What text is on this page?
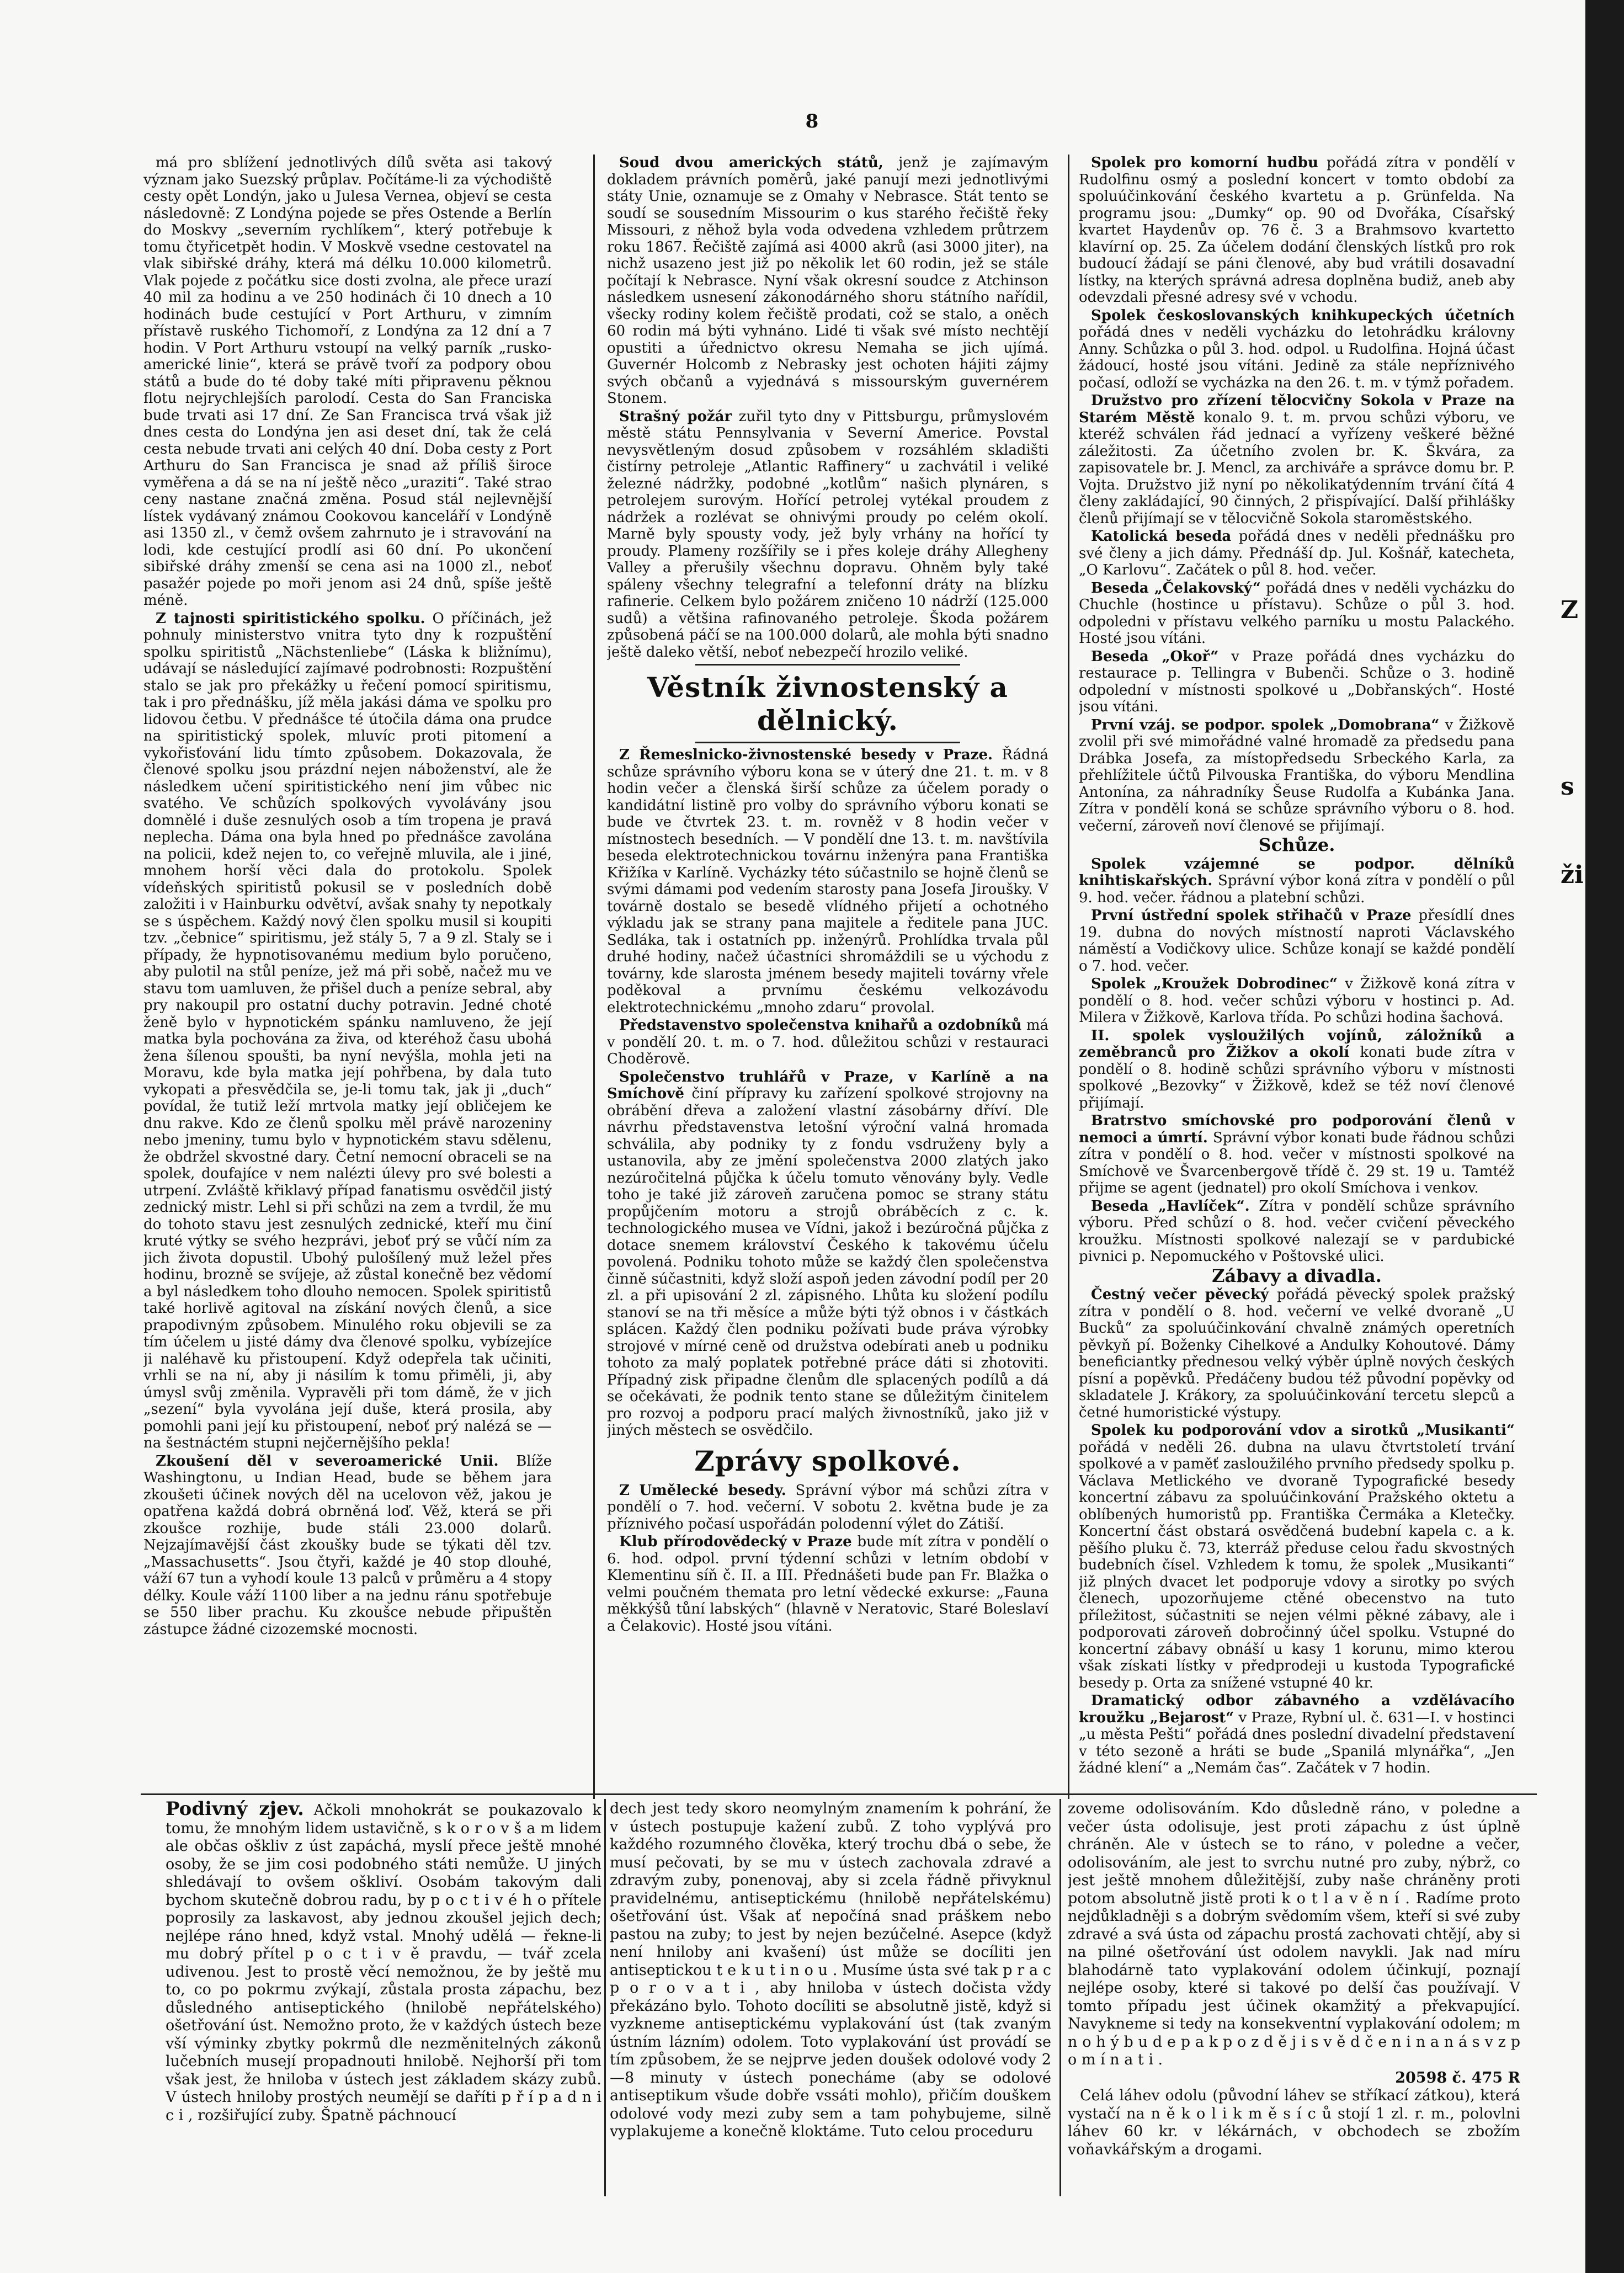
Z
s
ži
8

má pro sblížení jednotlivých dílů světa asi takový význam jako Suezský průplav. Počítáme-li za východiště cesty opět Londýn, jako u Julesa Vernea, objeví se cesta následovně: Z Londýna pojede se přes Ostende a Berlín do Moskvy „severním rychlíkem“, který potřebuje k tomu čtyřicetpět hodin. V Moskvě vsedne cestovatel na vlak sibiřské dráhy, která má délku 10.000 kilometrů. Vlak pojede z počátku sice dosti zvolna, ale přece urazí 40 mil za hodinu a ve 250 hodinách či 10 dnech a 10 hodinách bude cestující v Port Arthuru, v zimním přístavě ruského Tichomoří, z Londýna za 12 dní a 7 hodin. V Port Arthuru vstoupí na velký parník „rusko-americké linie“, která se právě tvoří za podpory obou států a bude do té doby také míti připravenu pěknou flotu nejrychlejších parolodí. Cesta do San Franciska bude trvati asi 17 dní. Ze San Francisca trvá však již dnes cesta do Londýna jen asi deset dní, tak že celá cesta nebude trvati ani celých 40 dní. Doba cesty z Port Arthuru do San Francisca je snad až příliš široce vyměřena a dá se na ní ještě něco „uraziti“. Také strao ceny nastane značná změna. Posud stál nejlevnější lístek vydávaný známou Cookovou kanceláří v Londýně asi 1350 zl., v čemž ovšem zahrnuto je i stravování na lodi, kde cestující prodlí asi 60 dní. Po ukončení sibiřské dráhy zmenší se cena asi na 1000 zl., neboť pasažér pojede po moři jenom asi 24 dnů, spíše ještě méně.

Z tajnosti spiritistického spolku. O příčinách, jež pohnuly ministerstvo vnitra tyto dny k rozpuštění spolku spiritistů „Nächstenliebe“ (Láska k bližnímu), udávají se následující zajímavé podrobnosti: Rozpuštění stalo se jak pro překážky u řečení pomocí spiritismu, tak i pro přednášku, jíž měla jakási dáma ve spolku pro lidovou četbu. V přednášce té útočila dáma ona prudce na spiritistický spolek, mluvíc proti pitomení a vykořisťování lidu tímto způsobem. Dokazovala, že členové spolku jsou prázdní nejen náboženství, ale že následkem učení spiritistického není jim vůbec nic svatého. Ve schůzích spolkových vyvolávány jsou domnělé i duše zesnulých osob a tím tropena je pravá neplecha. Dáma ona byla hned po přednášce zavolána na policii, kdež nejen to, co veřejně mluvila, ale i jiné, mnohem horší věci dala do protokolu. Spolek vídeňských spiritistů pokusil se v posledních době založiti i v Hainburku odvětví, avšak snahy ty nepotkaly se s úspěchem. Každý nový člen spolku musil si koupiti tzv. „čebnice“ spiritismu, jež stály 5, 7 a 9 zl. Staly se i případy, že hypnotisovanému medium bylo poručeno, aby pulotil na stůl peníze, jež má při sobě, načež mu ve stavu tom uamluven, že přišel duch a peníze sebral, aby pry nakoupil pro ostatní duchy potravin. Jedné choté ženě bylo v hypnotickém spánku namluveno, že její matka byla pochována za živa, od kteréhož času ubohá žena šílenou spoušti, ba nyní nevýšla, mohla jeti na Moravu, kde byla matka její pohřbena, by dala tuto vykopati a přesvědčila se, je-li tomu tak, jak ji „duch“ povídal, že tutiž leží mrtvola matky její obličejem ke dnu rakve. Kdo ze členů spolku měl právě narozeniny nebo jmeniny, tumu bylo v hypnotickém stavu sdělenu, že obdržel skvostné dary. Četní nemocní obraceli se na spolek, doufajíce v nem nalézti úlevy pro své bolesti a utrpení. Zvláště křiklavý případ fanatismu osvědčil jistý zednický mistr. Lehl si při schůzi na zem a tvrdil, že mu do tohoto stavu jest zesnulých zednické, kteří mu činí kruté výtky se svého hezprávi, jeboť prý se vůčí ním za jich života dopustil. Ubohý pulošílený muž ležel přes hodinu, brozně se svíjeje, až zůstal konečně bez vědomí a byl následkem toho dlouho nemocen. Spolek spiritistů také horlivě agitoval na získání nových členů, a sice prapodivným způsobem. Minulého roku objevili se za tím účelem u jisté dámy dva členové spolku, vybízejíce ji naléhavě ku přistoupení. Když odepřela tak učiniti, vrhli se na ní, aby ji násilím k tomu přiměli, ji, aby úmysl svůj změnila. Vypravěli při tom dámě, že v jich „sezení“ byla vyvolána její duše, která prosila, aby pomohli pani její ku přistoupení, neboť prý nalézá se — na šestnáctém stupni nejčernějšího pekla!

Zkoušení děl v severoamerické Unii. Blíže Washingtonu, u Indian Head, bude se během jara zkoušeti účinek nových děl na ucelovon věž, jakou je opatřena každá dobrá obrněná loď. Věž, která se při zkoušce rozhije, bude stáli 23.000 dolarů. Nejzajímavější část zkoušky bude se týkati děl tzv. „Massachusetts“. Jsou čtyři, každé je 40 stop dlouhé, váží 67 tun a vyhodí koule 13 palců v průměru a 4 stopy délky. Koule váží 1100 liber a na jednu ránu spotřebuje se 550 liber prachu. Ku zkoušce nebude připuštěn zástupce žádné cizozemské mocnosti.

Soud dvou amerických států, jenž je zajímavým dokladem právních poměrů, jaké panují mezi jednotlivými státy Unie, oznamuje se z Omahy v Nebrasce. Stát tento se soudí se sousedním Missourim o kus starého řečiště řeky Missouri, z něhož byla voda odvedena vzhledem průtrzem roku 1867. Řečiště zajímá asi 4000 akrů (asi 3000 jiter), na nichž usazeno jest již po několik let 60 rodin, jež se stále počítají k Nebrasce. Nyní však okresní soudce z Atchinson následkem usnesení zákonodárného shoru státního nařídil, všecky rodiny kolem řečiště prodati, což se stalo, a oněch 60 rodin má býti vyhnáno. Lidé ti však své místo nechtějí opustiti a úřednictvo okresu Nemaha se jich ujímá. Guvernér Holcomb z Nebrasky jest ochoten hájiti zájmy svých občanů a vyjednává s missourským guvernérem Stonem.

Strašný požár zuřil tyto dny v Pittsburgu, průmyslovém městě státu Pennsylvania v Severní Americe. Povstal nevysvětleným dosud způsobem v rozsáhlém skladišti čistírny petroleje „Atlantic Raffinery“ u zachvátil i veliké železné nádržky, podobné „kotlům“ našich plynáren, s petrolejem surovým. Hořící petrolej vytékal proudem z nádržek a rozlévat se ohnivými proudy po celém okolí. Marně byly spousty vody, jež byly vrhány na hořící ty proudy. Plameny rozšířily se i přes koleje dráhy Allegheny Valley a přerušily všechnu dopravu. Ohněm byly také spáleny všechny telegrafní a telefonní dráty na blízku rafinerie. Celkem bylo požárem zničeno 10 nádrží (125.000 sudů) a většina rafinovaného petroleje. Škoda požárem způsobená páčí se na 100.000 dolarů, ale mohla býti snadno ještě daleko větší, neboť nebezpečí hrozilo veliké.

Věstník živnostenský a dělnický.

Z Řemeslnicko-živnostenské besedy v Praze. Řádná schůze správního výboru kona se v úterý dne 21. t. m. v 8 hodin večer a členská širší schůze za účelem porady o kandidátní listině pro volby do správního výboru konati se bude ve čtvrtek 23. t. m. rovněž v 8 hodin večer v místnostech besedních. — V pondělí dne 13. t. m. navštívila beseda elektrotechnickou továrnu inženýra pana Františka Křižíka v Karlíně. Vycházky této súčastnilo se hojně členů se svými dámami pod vedením starosty pana Josefa Jiroušky. V továrně dostalo se besedě vlídného přijetí a ochotného výkladu jak se strany pana majitele a ředitele pana JUC. Sedláka, tak i ostatních pp. inženýrů. Prohlídka trvala půl druhé hodiny, načež účastníci shromáždili se u východu z továrny, kde slarosta jménem besedy majiteli továrny vřele poděkoval a prvnímu českému velkozávodu elektrotechnickému „mnoho zdaru“ provolal.

Představenstvo společenstva knihařů a ozdobníků má v pondělí 20. t. m. o 7. hod. důležitou schůzi v restauraci Choděrově.

Společenstvo truhlářů v Praze, v Karlíně a na Smíchově činí přípravy ku zařízení spolkové strojovny na obrábění dřeva a založení vlastní zásobárny dříví. Dle návrhu představenstva letošní výroční valná hromada schválila, aby podniky ty z fondu vsdruženy byly a ustanovila, aby ze jmění společenstva 2000 zlatých jako nezúročitelná půjčka k účelu tomuto věnovány byly. Vedle toho je také již zároveň zaručena pomoc se strany státu propůjčením motoru a strojů obráběcích z c. k. technologického musea ve Vídni, jakož i bezúročná půjčka z dotace snemem království Českého k takovému účelu povolená. Podniku tohoto může se každý člen společenstva činně súčastniti, když složí aspoň jeden závodní podíl per 20 zl. a při upisování 2 zl. zápisného. Lhůta ku složení podílu stanoví se na tři měsíce a může býti týž obnos i v částkách splácen. Každý člen podniku požívati bude práva výrobky strojové v mírné ceně od družstva odebírati aneb u podniku tohoto za malý poplatek potřebné práce dáti si zhotoviti. Případný zisk připadne členům dle splacených podílů a dá se očekávati, že podnik tento stane se důležitým činitelem pro rozvoj a podporu prací malých živnostníků, jako již v jiných městech se osvědčilo.

Zprávy spolkové.

Z Umělecké besedy. Správní výbor má schůzi zítra v pondělí o 7. hod. večerní. V sobotu 2. května bude je za příznivého počasí uspořádán polodenní výlet do Zátiší.

Klub přírodovědecký v Praze bude mít zítra v pondělí o 6. hod. odpol. první týdenní schůzi v letním období v Klementinu síň č. II. a III. Přednášeti bude pan Fr. Blažka o velmi poučném themata pro letní vědecké exkurse: „Fauna měkkýšů tůní labských“ (hlavně v Neratovic, Staré Boleslaví a Čelakovic). Hosté jsou vítáni.

Spolek pro komorní hudbu pořádá zítra v pondělí v Rudolfinu osmý a poslední koncert v tomto období za spoluúčinkování českého kvartetu a p. Grünfelda. Na programu jsou: „Dumky“ op. 90 od Dvořáka, Císařský kvartet Haydenův op. 76 č. 3 a Brahmsovo kvartetto klavírní op. 25. Za účelem dodání členských lístků pro rok budoucí žádají se páni členové, aby bud vrátili dosavadní lístky, na kterých správná adresa doplněna budiž, aneb aby odevzdali přesné adresy své v vchodu.

Spolek českoslovanských knihkupeckých účetních pořádá dnes v neděli vycházku do letohrádku královny Anny. Schůzka o půl 3. hod. odpol. u Rudolfina. Hojná účast žádoucí, hosté jsou vítáni. Jedině za stále nepříznivého počasí, odloží se vycházka na den 26. t. m. v týmž pořadem.

Družstvo pro zřízení tělocvičny Sokola v Praze na Starém Městě konalo 9. t. m. prvou schůzi výboru, ve kteréž schválen řád jednací a vyřízeny veškeré běžné záležitosti. Za účetního zvolen br. K. Škvára, za zapisovatele br. J. Mencl, za archiváře a správce domu br. P. Vojta. Družstvo již nyní po několikatýdenním trvání čítá 4 členy zakládající, 90 činných, 2 přispívající. Další přihlášky členů přijímají se v tělocvičně Sokola staroměstského.

Katolická beseda pořádá dnes v neděli přednášku pro své členy a jich dámy. Přednáší dp. Jul. Košnář, katecheta, „O Karlovu“. Začátek o půl 8. hod. večer.

Beseda „Čelakovský“ pořádá dnes v neděli vycházku do Chuchle (hostince u přístavu). Schůze o půl 3. hod. odpoledni v přístavu velkého parníku u mostu Palackého. Hosté jsou vítáni.

Beseda „Okoř“ v Praze pořádá dnes vycházku do restaurace p. Tellingra v Bubenči. Schůze o 3. hodině odpolední v místnosti spolkové u „Dobřanských“. Hosté jsou vítáni.

První vzáj. se podpor. spolek „Domobrana“ v Žižkově zvolil při své mimořádné valné hromadě za předsedu pana Drábka Josefa, za místopředsedu Srbeckého Karla, za přehlížitele účtů Pilvouska Františka, do výboru Mendlina Antonína, za náhradníky Šeuse Rudolfa a Kubánka Jana. Zítra v pondělí koná se schůze správního výboru o 8. hod. večerní, zároveň noví členové se přijímají.

Schůze.

Spolek vzájemné se podpor. dělníků knihtiskařských. Správní výbor koná zítra v pondělí o půl 9. hod. večer. řádnou a platební schůzi.

První ústřední spolek střihačů v Praze přesídlí dnes 19. dubna do nových místností naproti Václavského náměstí a Vodičkovy ulice. Schůze konají se každé pondělí o 7. hod. večer.

Spolek „Kroužek Dobrodinec“ v Žižkově koná zítra v pondělí o 8. hod. večer schůzi výboru v hostinci p. Ad. Milera v Žižkově, Karlova třída. Po schůzi hodina šachová.

II. spolek vysloužilých vojínů, záložníků a zeměbranců pro Žižkov a okolí konati bude zítra v pondělí o 8. hodině schůzi správního výboru v místnosti spolkové „Bezovky“ v Žižkově, kdež se též noví členové přijímají.

Bratrstvo smíchovské pro podporování členů v nemoci a úmrtí. Správní výbor konati bude řádnou schůzi zítra v pondělí o 8. hod. večer v místnosti spolkové na Smíchově ve Švarcenbergově třídě č. 29 st. 19 u. Tamtéž přijme se agent (jednatel) pro okolí Smíchova i venkov.

Beseda „Havlíček“. Zítra v pondělí schůze správního výboru. Před schůzí o 8. hod. večer cvičení pěveckého kroužku. Místnosti spolkové nalezají se v pardubické pivnici p. Nepomuckého v Poštovské ulici.

Zábavy a divadla.

Čestný večer pěvecký pořádá pěvecký spolek pražský zítra v pondělí o 8. hod. večerní ve velké dvoraně „U Bucků“ za spoluúčinkování chvalně známých operetních pěvkyň pí. Boženky Cihelkové a Andulky Kohoutové. Dámy beneficiantky přednesou velký výběr úplně nových českých písní a popěvků. Předáčeny budou též původní popěvky od skladatele J. Krákory, za spoluúčinkování tercetu slepců a četné humoristické výstupy.

Spolek ku podporování vdov a sirotků „Musikanti“ pořádá v neděli 26. dubna na ulavu čtvrtstoletí trvání spolkové a v paměť zasloužilého prvního předsedy spolku p. Václava Metlického ve dvoraně Typografické besedy koncertní zábavu za spoluúčinkování Pražského oktetu a oblíbených humoristů pp. Františka Čermáka a Kletečky. Koncertní část obstará osvědčená budební kapela c. a k. pěšího pluku č. 73, kterráž předuse celou řadu skvostných budebních čísel. Vzhledem k tomu, že spolek „Musikanti“ již plných dvacet let podporuje vdovy a sirotky po svých členech, upozorňujeme ctěné obecenstvo na tuto příležitost, súčastniti se nejen vélmi pěkné zábavy, ale i podporovati zároveň dobročinný účel spolku. Vstupné do koncertní zábavy obnáší u kasy 1 korunu, mimo kterou však získati lístky v předprodeji u kustoda Typografické besedy p. Orta za snížené vstupné 40 kr.

Dramatický odbor zábavného a vzdělávacího kroužku „Bejarost“ v Praze, Rybní ul. č. 631—I. v hostinci „u města Pešti“ pořádá dnes poslední divadelní představení v této sezoně a hráti se bude „Spanilá mlynářka“, „Jen žádné klení“ a „Nemám čas“. Začátek v 7 hodin.

Podivný zjev. Ačkoli mnohokrát se poukazovalo k tomu, že mnohým lidem ustavičně, s k o r o v š a m lidem ale občas oškliv z úst zapáchá, myslí přece ještě mnohé osoby, že se jim cosi podobného státi nemůže. U jiných shledávají to ovšem oškliví. Osobám takovým dali bychom skutečně dobrou radu, by p o c t i v é h o přítele poprosily za laskavost, aby jednou zkoušel jejich dech; nejlépe ráno hned, když vstal. Mnohý udělá — řekne-li mu dobrý přítel p o c t i v ě pravdu, — tvář zcela udivenou. Jest to prostě věcí nemožnou, že by ještě mu to, co po pokrmu zvýkají, zůstala prosta zápachu, bez důsledného antiseptického (hnilobě nepřátelského) ošetřování úst. Nemožno proto, že v každých ústech beze vší výminky zbytky pokrmů dle nezměnitelných zákonů lučebních musejí propadnouti hnilobě. Nejhorší při tom však jest, že hniloba v ústech jest základem skázy zubů. V ústech hniloby prostých neumějí se daříti p ř í p a d n i c i , rozšiřující zuby. Špatně páchnoucí
dech jest tedy skoro neomylným znamením k pohrání, že v ústech postupuje kažení zubů. Z toho vyplývá pro každého rozumného člověka, který trochu dbá o sebe, že musí pečovati, by se mu v ústech zachovala zdravé a zdravým zuby, ponenovaj, aby si zcela řádně přivyknul pravidelnému, antiseptickému (hnilobě nepřátelskému) ošetřování úst. Však ať nepočíná snad práškem nebo pastou na zuby; to jest by nejen bezúčelné. Asepce (když není hniloby ani kvašení) úst může se docíliti jen antiseptickou t e k u t i n o u . Musíme ústa své tak p r a c p o r o v a t i , aby hniloba v ústech dočista vždy překázáno bylo. Tohoto docíliti se absolutně jistě, když si vyzkneme antiseptickému vyplakování úst (tak zvaným ústním lázním) odolem. Toto vyplakování úst provádí se tím způsobem, že se nejprve jeden doušek odolové vody 2—8 minuty v ústech ponecháme (aby se odolové antiseptikum všude dobře vssáti mohlo), přičím douškem odolové vody mezi zuby sem a tam pohybujeme, silně vyplakujeme a konečně kloktáme. Tuto celou proceduru
zoveme odolisováním. Kdo důsledně ráno, v poledne a večer ústa odolisuje, jest proti zápachu z úst úplně chráněn. Ale v ústech se to ráno, v poledne a večer, odolisováním, ale jest to svrchu nutné pro zuby, nýbrž, co jest ještě mnohem důležitější, zuby naše chráněny proti potom absolutně jistě proti k o t l a v ě n í . Radíme proto nejdůkladněji s a dobrým svědomím všem, kteří si své zuby zdravé a svá ústa od zápachu prostá zachovati chtějí, aby si na pilné ošetřování úst odolem navykli. Jak nad míru blahodárně tato vyplakování odolem účinkují, poznají nejlépe osoby, které si takové po delší čas používají. V tomto případu jest účinek okamžitý a překvapující. Navykneme si tedy na konsekventní vyplakování odolem; m n o h ý b u d e p a k p o z d ě j i s v ě d č e n i n a n á s v z p o m í n a t i .
20598 č. 475 R
Celá láhev odolu (původní láhev se stříkací zátkou), která vystačí na n ě k o l i k m ě s í c ů stojí 1 zl. r. m., polovlni láhev 60 kr. v lékárnách, v obchodech se zbožím voňavkářským a drogami.
